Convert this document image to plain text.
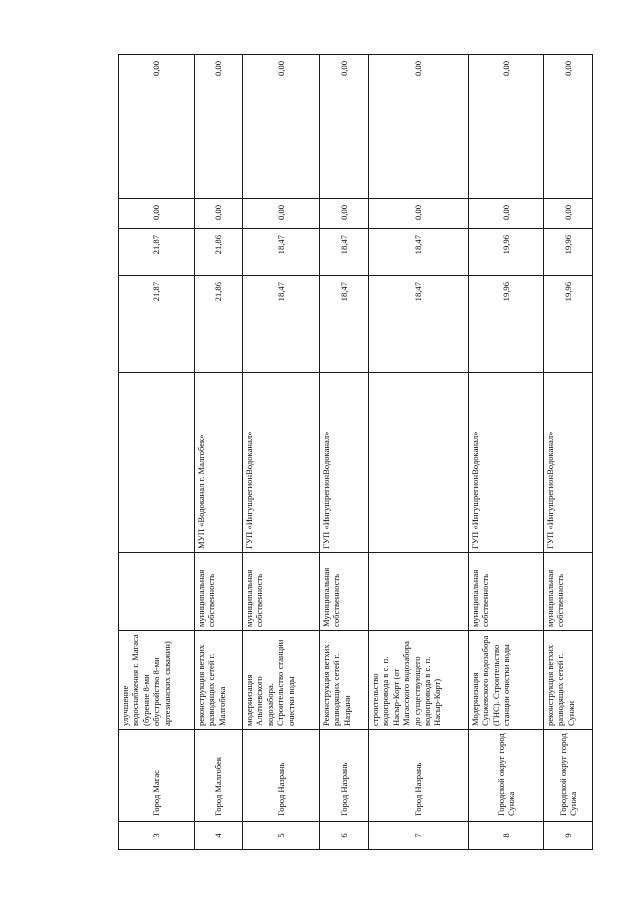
3	Город Магас	улучшение водоснабжения г. Магаса (бурение 8-ми обустройство 8-ми артезианских скважин)			21,87	21,87	0,00	0,00
4	Город Малгобек	реконструкция ветхих разводящих сетей г. Малгобека	муниципальная собственность	МУП «Водоканал г. Малгобек»	21,86	21,86	0,00	0,00
5	Город Назрань	модернизация Альтиевского водозабора. Строительство станции очистки воды	муниципальная собственность	ГУП «ИнгушрегионВодоканал»	18,47	18,47	0,00	0,00
6	Город Назрань	Реконструкция ветхих разводящих сетей г. Назрани	Муниципальная собственность	ГУП «ИнгушрегионВодоканал»	18,47	18,47	0,00	0,00
7	Город Назрань	строительство водопровода в с. п. Насыр-Корт (от Магасского водозабора до существующего водопровода в с. п. Насыр-Корт)			18,47	18,47	0,00	0,00
8	Городской округ город Сунжа	Модернизация Сунжевского водозабора (ГНС). Строительство станции очистки воды	муниципальная собственность	ГУП «ИнгушрегионВодоканал»	19,96	19,96	0,00	0,00
9	Городской округ город Сунжа	реконструкция ветхих разводящих сетей г. Сунжи	муниципальная собственность	ГУП «ИнгушрегионВодоканал»	19,96	19,96	0,00	0,00
